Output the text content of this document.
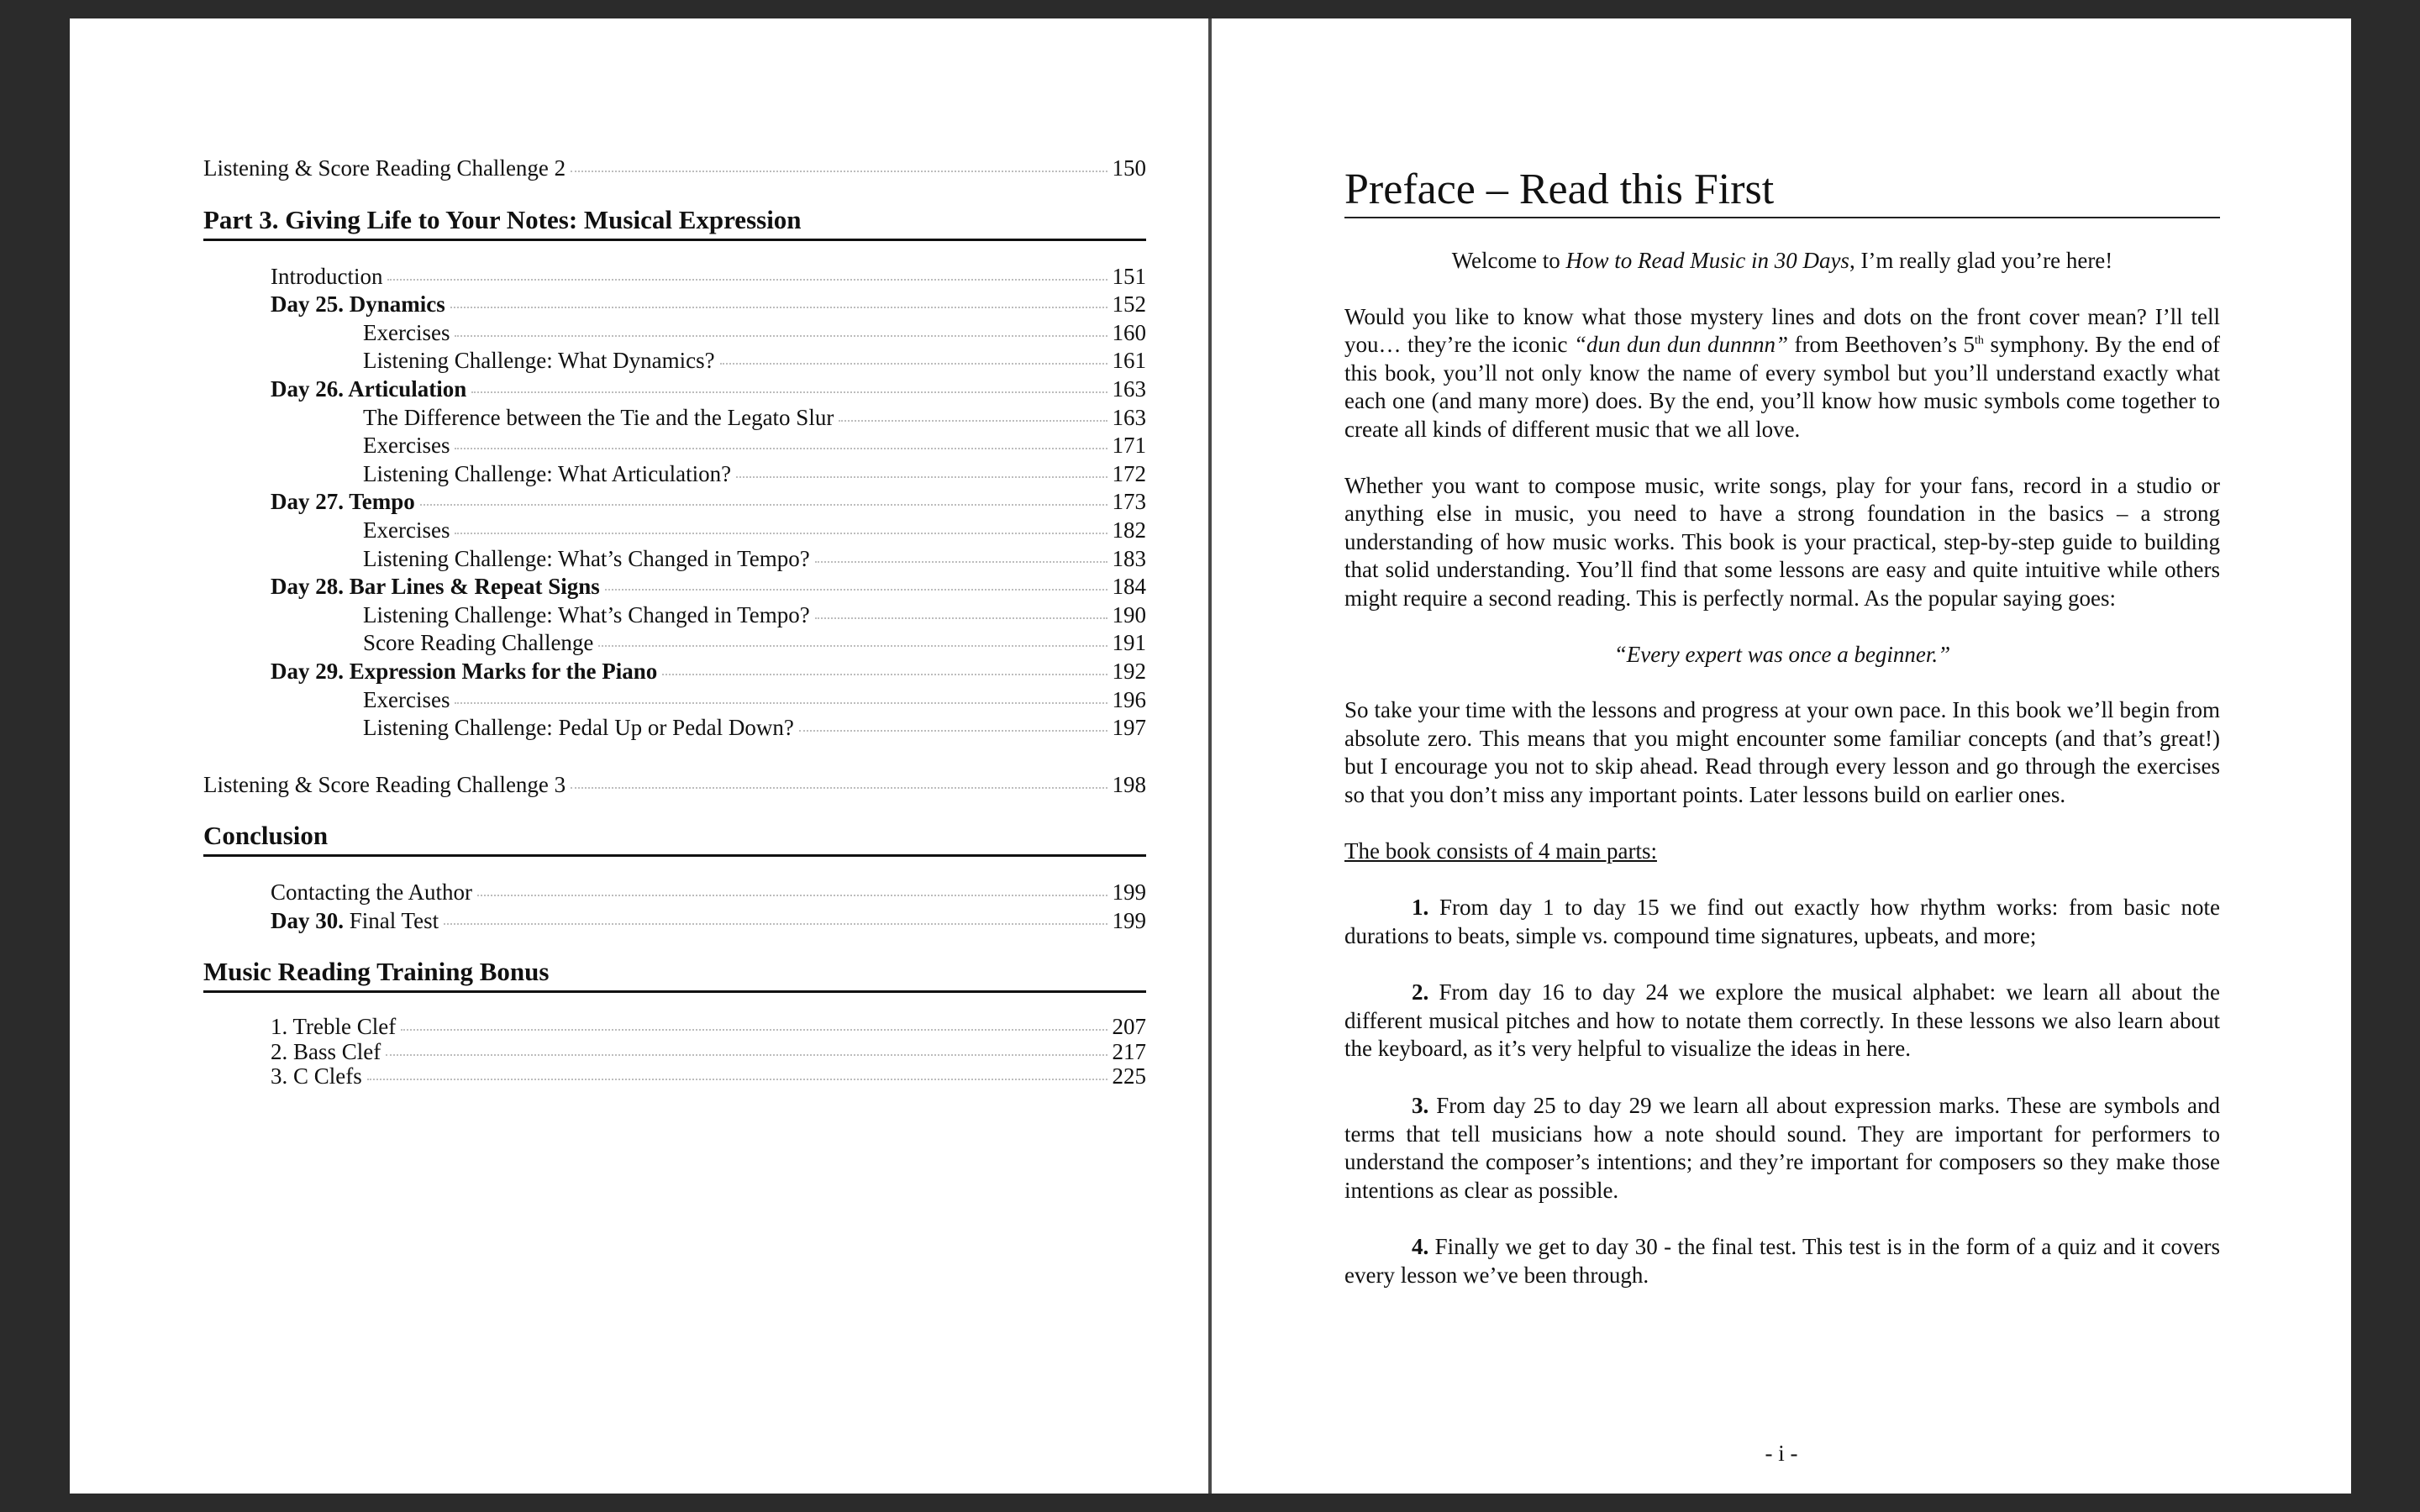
Listening & Score Reading Challenge 2	150
Part 3. Giving Life to Your Notes: Musical Expression
Introduction	151
Day 25. Dynamics	152
Exercises	160
Listening Challenge: What Dynamics?	161
Day 26. Articulation	163
The Difference between the Tie and the Legato Slur	163
Exercises	171
Listening Challenge: What Articulation?	172
Day 27. Tempo	173
Exercises	182
Listening Challenge: What’s Changed in Tempo?	183
Day 28. Bar Lines & Repeat Signs	184
Listening Challenge: What’s Changed in Tempo?	190
Score Reading Challenge	191
Day 29. Expression Marks for the Piano	192
Exercises	196
Listening Challenge: Pedal Up or Pedal Down?	197
Listening & Score Reading Challenge 3	198
Conclusion
Contacting the Author	199
Day 30. Final Test	199
Music Reading Training Bonus
1. Treble Clef	207
2. Bass Clef	217
3. C Clefs	225
Preface – Read this First

Welcome to How to Read Music in 30 Days, I’m really glad you’re here!

Would you like to know what those mystery lines and dots on the front cover mean? I’ll tell you… they’re the iconic “dun dun dun dunnnn” from Beethoven’s 5th symphony. By the end of this book, you’ll not only know the name of every symbol but you’ll understand exactly what each one (and many more) does. By the end, you’ll know how music symbols come together to create all kinds of different music that we all love.

Whether you want to compose music, write songs, play for your fans, record in a studio or anything else in music, you need to have a strong foundation in the basics – a strong understanding of how music works. This book is your practical, step-by-step guide to building that solid understanding. You’ll find that some lessons are easy and quite intuitive while others might require a second reading. This is perfectly normal. As the popular saying goes:

“Every expert was once a beginner.”

So take your time with the lessons and progress at your own pace. In this book we’ll begin from absolute zero. This means that you might encounter some familiar concepts (and that’s great!) but I encourage you not to skip ahead. Read through every lesson and go through the exercises so that you don’t miss any important points. Later lessons build on earlier ones.

The book consists of 4 main parts:

1. From day 1 to day 15 we find out exactly how rhythm works: from basic note durations to beats, simple vs. compound time signatures, upbeats, and more;

2. From day 16 to day 24 we explore the musical alphabet: we learn all about the different musical pitches and how to notate them correctly. In these lessons we also learn about the keyboard, as it’s very helpful to visualize the ideas in here.

3. From day 25 to day 29 we learn all about expression marks. These are symbols and terms that tell musicians how a note should sound. They are important for performers to understand the composer’s intentions; and they’re important for composers so they make those intentions as clear as possible.

4. Finally we get to day 30 - the final test. This test is in the form of a quiz and it covers every lesson we’ve been through.

- i -
